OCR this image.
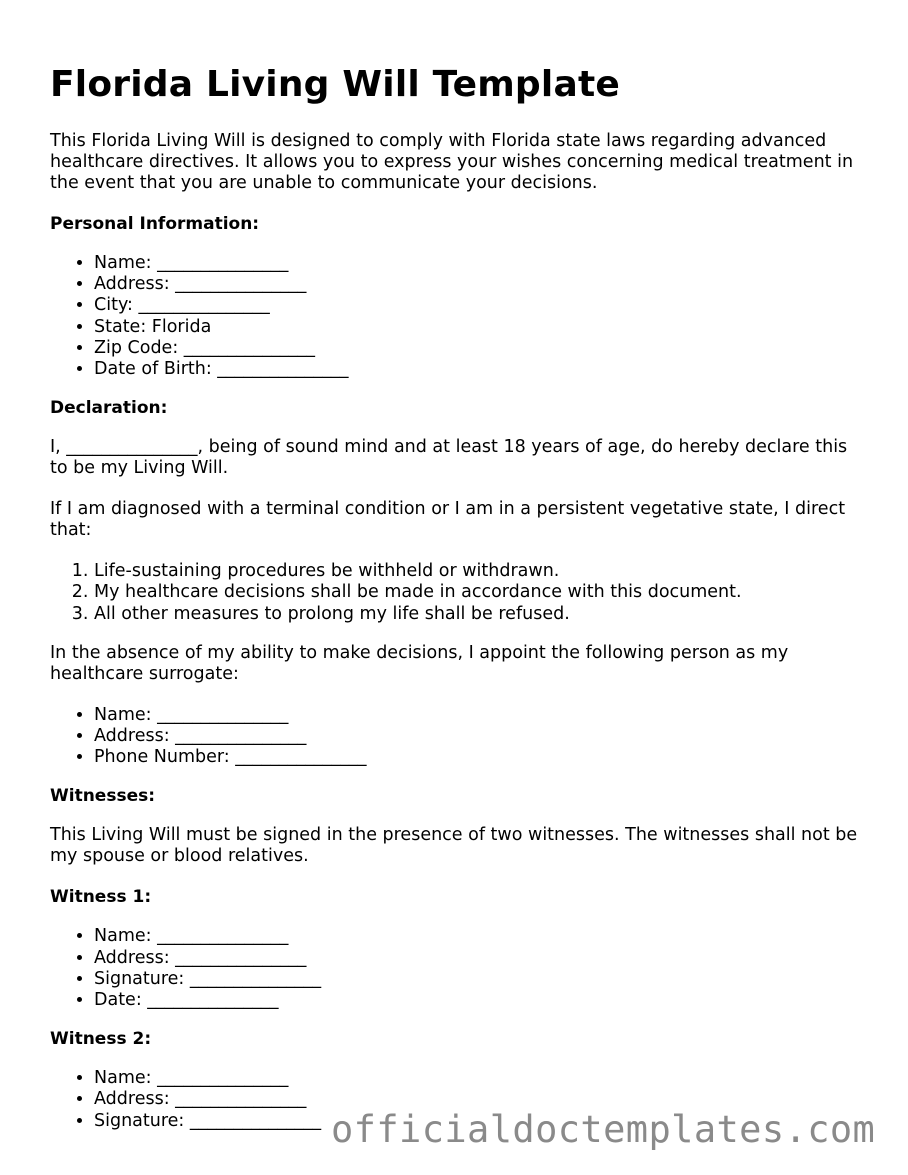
Florida Living Will Template

This Florida Living Will is designed to comply with Florida state laws regarding advanced healthcare directives. It allows you to express your wishes concerning medical treatment in the event that you are unable to communicate your decisions.

Personal Information:
• Name: _______________
• Address: _______________
• City: _______________
• State: Florida
• Zip Code: _______________
• Date of Birth: _______________
Declaration:

I, _______________, being of sound mind and at least 18 years of age, do hereby declare this to be my Living Will.

If I am diagnosed with a terminal condition or I am in a persistent vegetative state, I direct that:

1. Life-sustaining procedures be withheld or withdrawn.
2. My healthcare decisions shall be made in accordance with this document.
3. All other measures to prolong my life shall be refused.

In the absence of my ability to make decisions, I appoint the following person as my healthcare surrogate:

• Name: _______________
• Address: _______________
• Phone Number: _______________
Witnesses:

This Living Will must be signed in the presence of two witnesses. The witnesses shall not be my spouse or blood relatives.

Witness 1:
• Name: _______________
• Address: _______________
• Signature: _______________
• Date: _______________
Witness 2:
• Name: _______________
• Address: _______________
• Signature: _______________ officialdoctemplates.com
